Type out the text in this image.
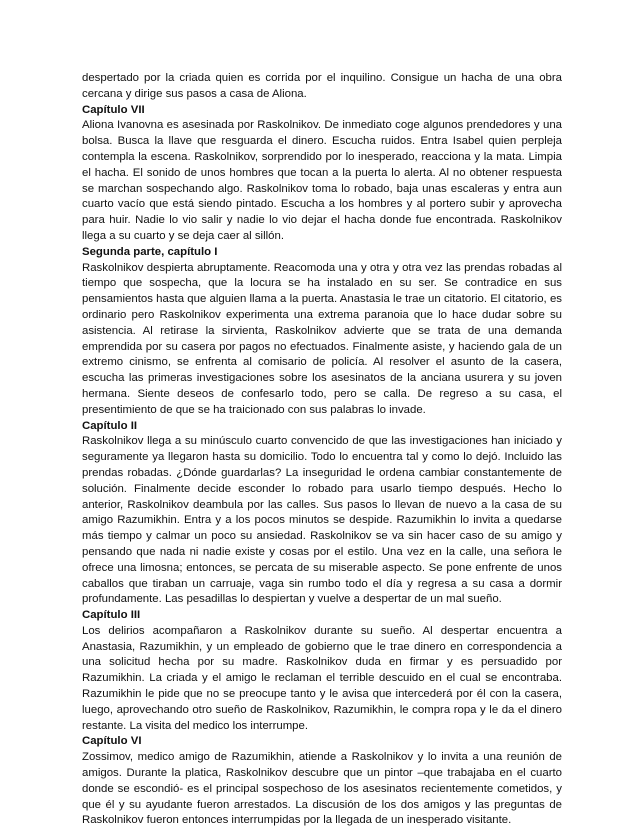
despertado por la criada quien es corrida por el inquilino. Consigue un hacha de una obra cercana y dirige sus pasos a casa de Aliona.

Capítulo VII

Aliona Ivanovna es asesinada por Raskolnikov. De inmediato coge algunos prendedores y una bolsa. Busca la llave que resguarda el dinero. Escucha ruidos. Entra Isabel quien perpleja contempla la escena. Raskolnikov, sorprendido por lo inesperado, reacciona y la mata. Limpia el hacha. El sonido de unos hombres que tocan a la puerta lo alerta. Al no obtener respuesta se marchan sospechando algo. Raskolnikov toma lo robado, baja unas escaleras y entra aun cuarto vacío que está siendo pintado. Escucha a los hombres y al portero subir y aprovecha para huir. Nadie lo vio salir y nadie lo vio dejar el hacha donde fue encontrada. Raskolnikov llega a su cuarto y se deja caer al sillón.

Segunda parte, capítulo I

Raskolnikov despierta abruptamente. Reacomoda una y otra y otra vez las prendas robadas al tiempo que sospecha, que la locura se ha instalado en su ser. Se contradice en sus pensamientos hasta que alguien llama a la puerta. Anastasia le trae un citatorio. El citatorio, es ordinario pero Raskolnikov experimenta una extrema paranoia que lo hace dudar sobre su asistencia. Al retirase la sirvienta, Raskolnikov advierte que se trata de una demanda emprendida por su casera por pagos no efectuados. Finalmente asiste, y haciendo gala de un extremo cinismo, se enfrenta al comisario de policía. Al resolver el asunto de la casera, escucha las primeras investigaciones sobre los asesinatos de la anciana usurera y su joven hermana. Siente deseos de confesarlo todo, pero se calla. De regreso a su casa, el presentimiento de que se ha traicionado con sus palabras lo invade.

Capítulo II

Raskolnikov llega a su minúsculo cuarto convencido de que las investigaciones han iniciado y seguramente ya llegaron hasta su domicilio. Todo lo encuentra tal y como lo dejó. Incluido las prendas robadas. ¿Dónde guardarlas? La inseguridad le ordena cambiar constantemente de solución. Finalmente decide esconder lo robado para usarlo tiempo después. Hecho lo anterior, Raskolnikov deambula por las calles. Sus pasos lo llevan de nuevo a la casa de su amigo Razumikhin. Entra y a los pocos minutos se despide. Razumikhin lo invita a quedarse más tiempo y calmar un poco su ansiedad. Raskolnikov se va sin hacer caso de su amigo y pensando que nada ni nadie existe y cosas por el estilo. Una vez en la calle, una señora le ofrece una limosna; entonces, se percata de su miserable aspecto. Se pone enfrente de unos caballos que tiraban un carruaje, vaga sin rumbo todo el día y regresa a su casa a dormir profundamente. Las pesadillas lo despiertan y vuelve a despertar de un mal sueño.

Capítulo III

Los delirios acompañaron a Raskolnikov durante su sueño. Al despertar encuentra a Anastasia, Razumikhin, y un empleado de gobierno que le trae dinero en correspondencia a una solicitud hecha por su madre. Raskolnikov duda en firmar y es persuadido por Razumikhin. La criada y el amigo le reclaman el terrible descuido en el cual se encontraba. Razumikhin le pide que no se preocupe tanto y le avisa que intercederá por él con la casera, luego, aprovechando otro sueño de Raskolnikov, Razumikhin, le compra ropa y le da el dinero restante. La visita del medico los interrumpe.

Capítulo VI

Zossimov, medico amigo de Razumikhin, atiende a Raskolnikov y lo invita a una reunión de amigos. Durante la platica, Raskolnikov descubre que un pintor –que trabajaba en el cuarto donde se escondió- es el principal sospechoso de los asesinatos recientemente cometidos, y que él y su ayudante fueron arrestados. La discusión de los dos amigos y las preguntas de Raskolnikov fueron entonces interrumpidas por la llegada de un inesperado visitante.
